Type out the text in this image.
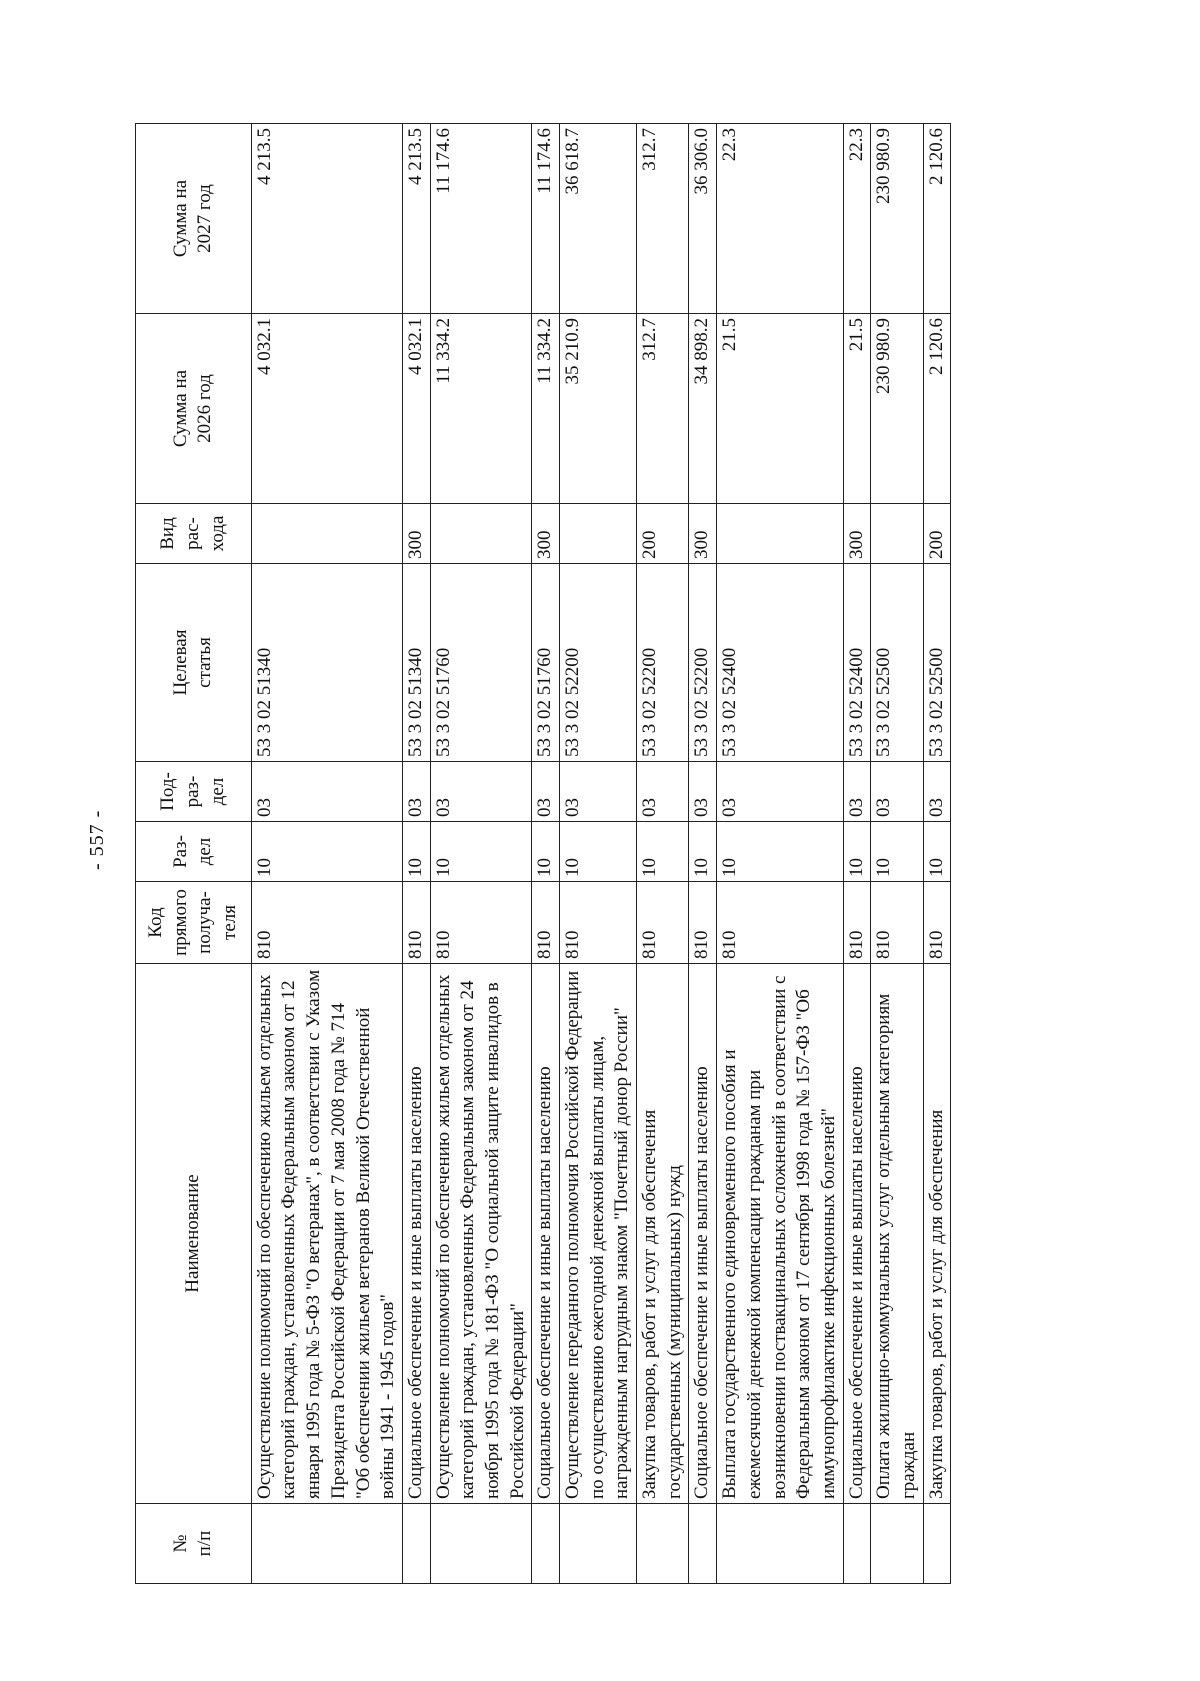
- 557 -
№
п/п	Наименование	Код
прямого
получа-
теля	Раз-
дел	Под-
раз-
дел	Целевая
статья	Вид
рас-
хода	Сумма на
2026 год	Сумма на
2027 год
	Осуществление полномочий по обеспечению жильем отдельных категорий граждан, установленных Федеральным законом от 12 января 1995 года № 5-ФЗ "О ветеранах", в соответствии с Указом Президента Российской Федерации от 7 мая 2008 года № 714 "Об обеспечении жильем ветеранов Великой Отечественной войны 1941 - 1945 годов"	810	10	03	53 3 02 51340		4 032.1	4 213.5
	Социальное обеспечение и иные выплаты населению	810	10	03	53 3 02 51340	300	4 032.1	4 213.5
	Осуществление полномочий по обеспечению жильем отдельных категорий граждан, установленных Федеральным законом от 24 ноября 1995 года № 181-ФЗ "О социальной защите инвалидов в Российской Федерации"	810	10	03	53 3 02 51760		11 334.2	11 174.6
	Социальное обеспечение и иные выплаты населению	810	10	03	53 3 02 51760	300	11 334.2	11 174.6
	Осуществление переданного полномочия Российской Федерации по осуществлению ежегодной денежной выплаты лицам, награжденным нагрудным знаком "Почетный донор России"	810	10	03	53 3 02 52200		35 210.9	36 618.7
	Закупка товаров, работ и услуг для обеспечения государственных (муниципальных) нужд	810	10	03	53 3 02 52200	200	312.7	312.7
	Социальное обеспечение и иные выплаты населению	810	10	03	53 3 02 52200	300	34 898.2	36 306.0
	Выплата государственного единовременного пособия и ежемесячной денежной компенсации гражданам при возникновении поствакцинальных осложнений в соответствии с Федеральным законом от 17 сентября 1998 года № 157-ФЗ "Об иммунопрофилактике инфекционных болезней"	810	10	03	53 3 02 52400		21.5	22.3
	Социальное обеспечение и иные выплаты населению	810	10	03	53 3 02 52400	300	21.5	22.3
	Оплата жилищно-коммунальных услуг отдельным категориям граждан	810	10	03	53 3 02 52500		230 980.9	230 980.9
	Закупка товаров, работ и услуг для обеспечения	810	10	03	53 3 02 52500	200	2 120.6	2 120.6
